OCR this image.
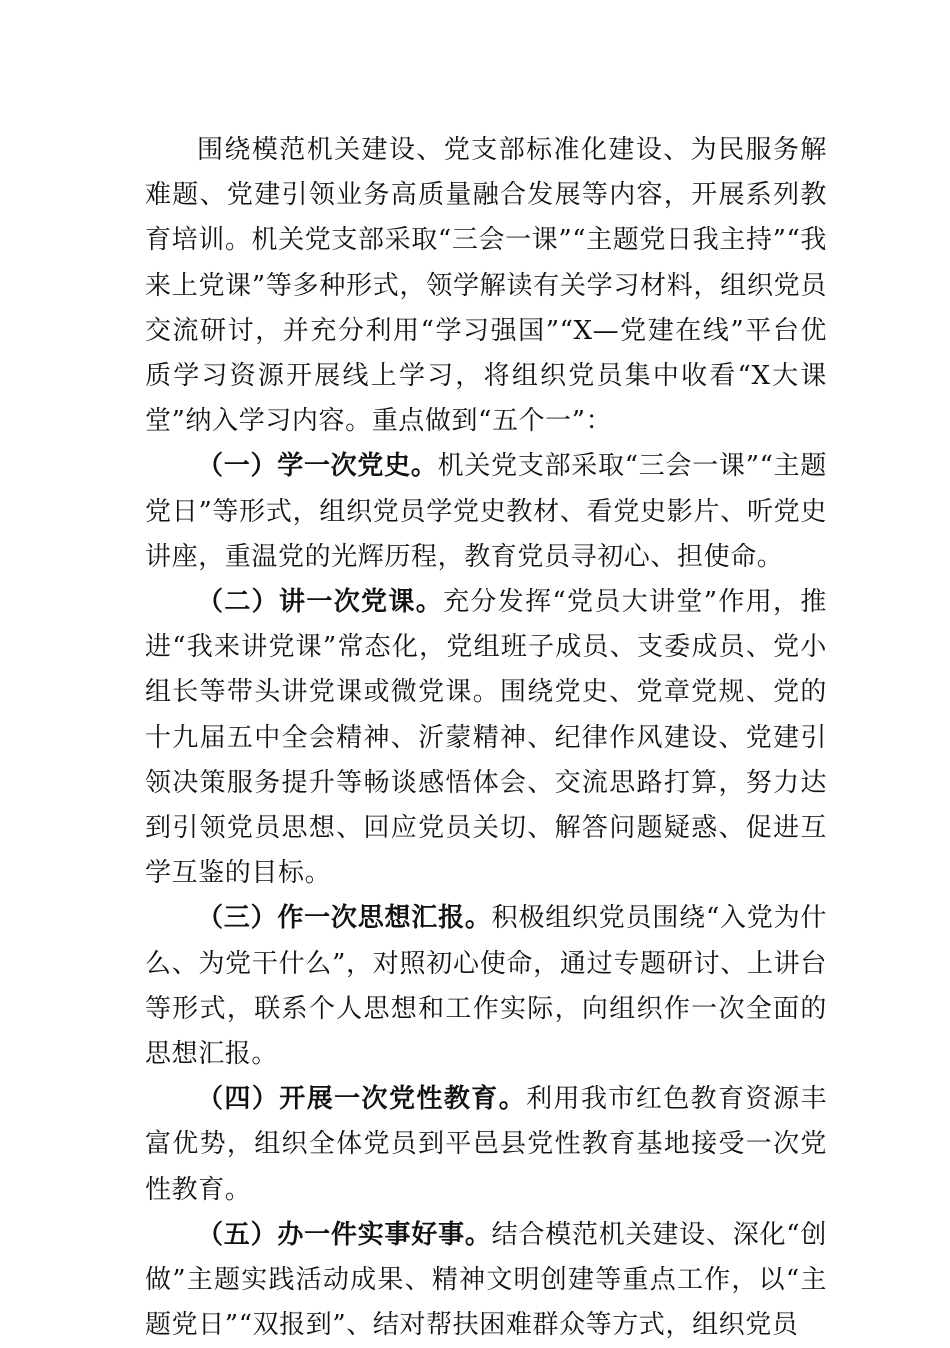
围绕模范机关建设、党支部标准化建设、为民服务解难题、党建引领业务高质量融合发展等内容，开展系列教育培训。机关党支部采取“三会一课”“主题党日我主持”“我来上党课”等多种形式，领学解读有关学习材料，组织党员交流研讨，并充分利用“学习强国”“X—党建在线”平台优质学习资源开展线上学习，将组织党员集中收看“X大课堂”纳入学习内容。重点做到“五个一”：

（一）学一次党史。机关党支部采取“三会一课”“主题党日”等形式，组织党员学党史教材、看党史影片、听党史讲座，重温党的光辉历程，教育党员寻初心、担使命。

（二）讲一次党课。充分发挥“党员大讲堂”作用，推进“我来讲党课”常态化，党组班子成员、支委成员、党小组长等带头讲党课或微党课。围绕党史、党章党规、党的十九届五中全会精神、沂蒙精神、纪律作风建设、党建引领决策服务提升等畅谈感悟体会、交流思路打算，努力达到引领党员思想、回应党员关切、解答问题疑惑、促进互学互鉴的目标。

（三）作一次思想汇报。积极组织党员围绕“入党为什么、为党干什么”，对照初心使命，通过专题研讨、上讲台等形式，联系个人思想和工作实际，向组织作一次全面的思想汇报。

（四）开展一次党性教育。利用我市红色教育资源丰富优势，组织全体党员到平邑县党性教育基地接受一次党性教育。

（五）办一件实事好事。结合模范机关建设、深化“创做”主题实践活动成果、精神文明创建等重点工作，以“主题党日”“双报到”、结对帮扶困难群众等方式，组织党员
